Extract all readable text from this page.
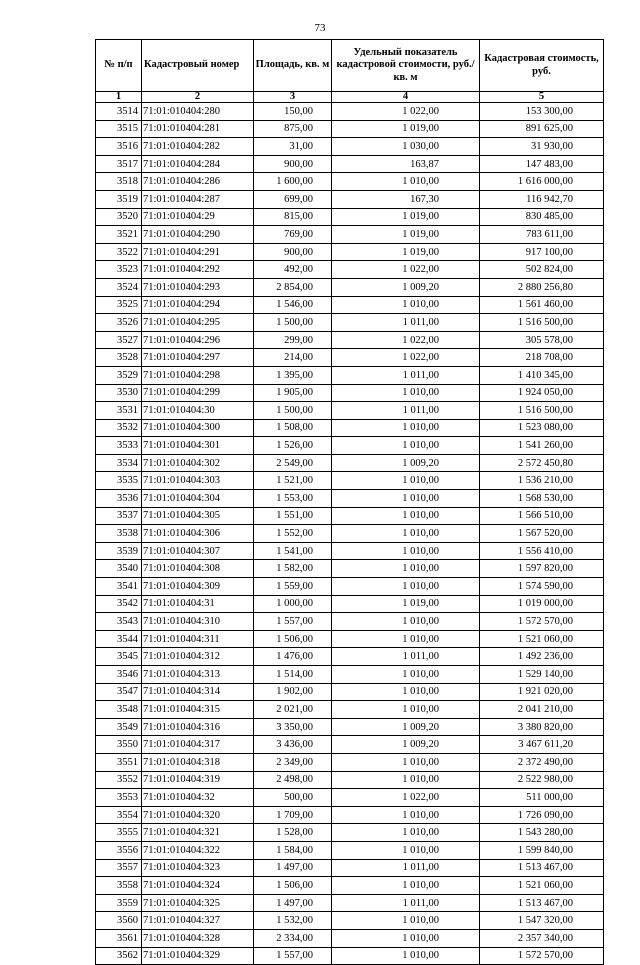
73
№ п/п	Кадастровый номер	Площадь, кв. м	Удельный показатель кадастровой стоимости, руб./кв. м	Кадастровая стоимость, руб.
1	2	3	4	5
3514	71:01:010404:280	150,00	1 022,00	153 300,00
3515	71:01:010404:281	875,00	1 019,00	891 625,00
3516	71:01:010404:282	31,00	1 030,00	31 930,00
3517	71:01:010404:284	900,00	163,87	147 483,00
3518	71:01:010404:286	1 600,00	1 010,00	1 616 000,00
3519	71:01:010404:287	699,00	167,30	116 942,70
3520	71:01:010404:29	815,00	1 019,00	830 485,00
3521	71:01:010404:290	769,00	1 019,00	783 611,00
3522	71:01:010404:291	900,00	1 019,00	917 100,00
3523	71:01:010404:292	492,00	1 022,00	502 824,00
3524	71:01:010404:293	2 854,00	1 009,20	2 880 256,80
3525	71:01:010404:294	1 546,00	1 010,00	1 561 460,00
3526	71:01:010404:295	1 500,00	1 011,00	1 516 500,00
3527	71:01:010404:296	299,00	1 022,00	305 578,00
3528	71:01:010404:297	214,00	1 022,00	218 708,00
3529	71:01:010404:298	1 395,00	1 011,00	1 410 345,00
3530	71:01:010404:299	1 905,00	1 010,00	1 924 050,00
3531	71:01:010404:30	1 500,00	1 011,00	1 516 500,00
3532	71:01:010404:300	1 508,00	1 010,00	1 523 080,00
3533	71:01:010404:301	1 526,00	1 010,00	1 541 260,00
3534	71:01:010404:302	2 549,00	1 009,20	2 572 450,80
3535	71:01:010404:303	1 521,00	1 010,00	1 536 210,00
3536	71:01:010404:304	1 553,00	1 010,00	1 568 530,00
3537	71:01:010404:305	1 551,00	1 010,00	1 566 510,00
3538	71:01:010404:306	1 552,00	1 010,00	1 567 520,00
3539	71:01:010404:307	1 541,00	1 010,00	1 556 410,00
3540	71:01:010404:308	1 582,00	1 010,00	1 597 820,00
3541	71:01:010404:309	1 559,00	1 010,00	1 574 590,00
3542	71:01:010404:31	1 000,00	1 019,00	1 019 000,00
3543	71:01:010404:310	1 557,00	1 010,00	1 572 570,00
3544	71:01:010404:311	1 506,00	1 010,00	1 521 060,00
3545	71:01:010404:312	1 476,00	1 011,00	1 492 236,00
3546	71:01:010404:313	1 514,00	1 010,00	1 529 140,00
3547	71:01:010404:314	1 902,00	1 010,00	1 921 020,00
3548	71:01:010404:315	2 021,00	1 010,00	2 041 210,00
3549	71:01:010404:316	3 350,00	1 009,20	3 380 820,00
3550	71:01:010404:317	3 436,00	1 009,20	3 467 611,20
3551	71:01:010404:318	2 349,00	1 010,00	2 372 490,00
3552	71:01:010404:319	2 498,00	1 010,00	2 522 980,00
3553	71:01:010404:32	500,00	1 022,00	511 000,00
3554	71:01:010404:320	1 709,00	1 010,00	1 726 090,00
3555	71:01:010404:321	1 528,00	1 010,00	1 543 280,00
3556	71:01:010404:322	1 584,00	1 010,00	1 599 840,00
3557	71:01:010404:323	1 497,00	1 011,00	1 513 467,00
3558	71:01:010404:324	1 506,00	1 010,00	1 521 060,00
3559	71:01:010404:325	1 497,00	1 011,00	1 513 467,00
3560	71:01:010404:327	1 532,00	1 010,00	1 547 320,00
3561	71:01:010404:328	2 334,00	1 010,00	2 357 340,00
3562	71:01:010404:329	1 557,00	1 010,00	1 572 570,00
